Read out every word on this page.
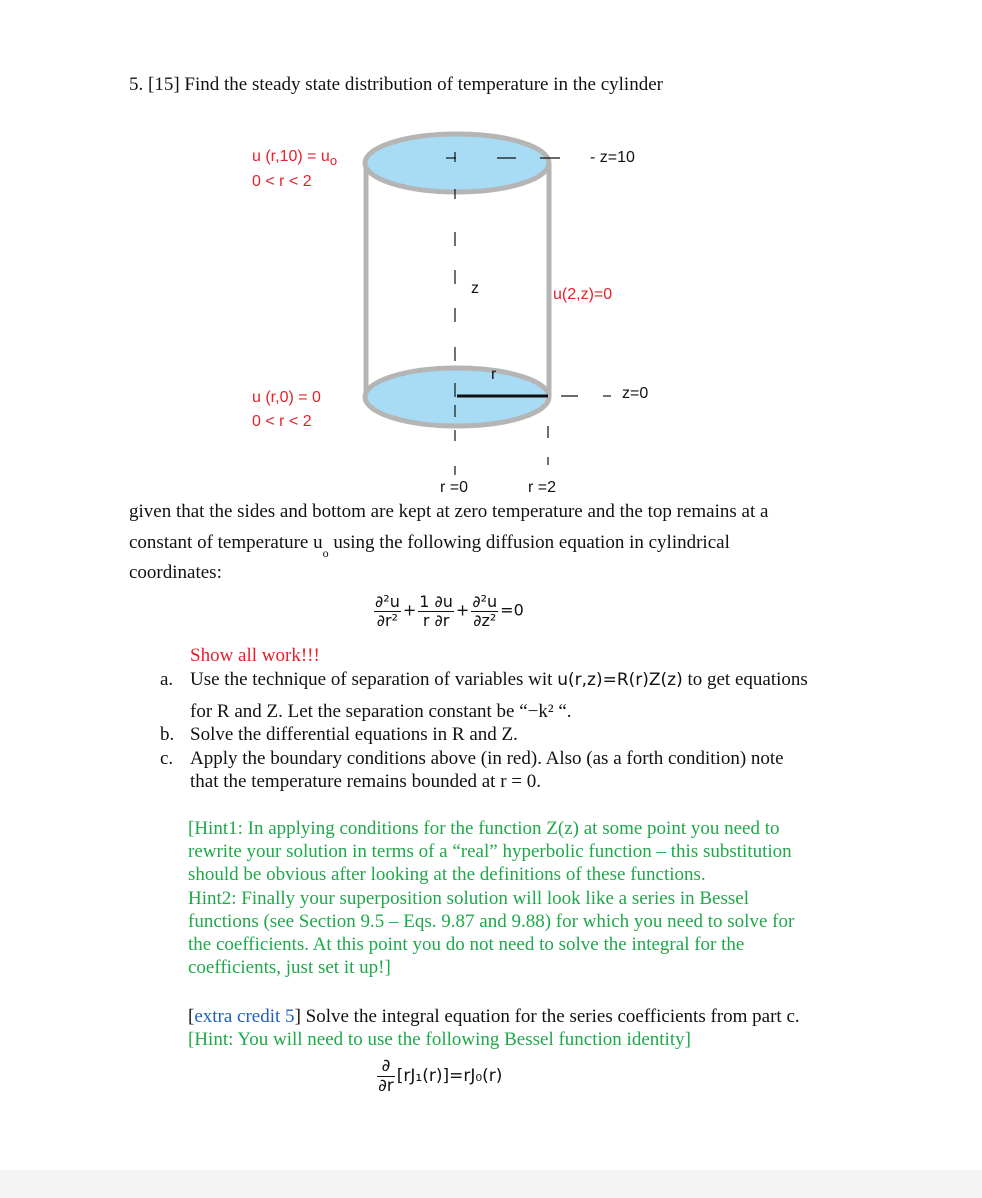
5. [15] Find the steady state distribution of temperature in the cylinder
u $(r,10) = u_o$
0 < r < 2
- z=10
z	u(2,z)=0
r
z=0
u (r,0) = 0
0 < r < 2
r =0	r =2
given that the sides and bottom are kept at zero temperature and the top remains at a
constant of temperature $u_o$ using the following diffusion equation in cylindrical
coordinates:
$\frac{\text{∂²u}}{\text{∂r²}} + \frac{1 \partial u}{r \partial r} + \frac{\text{∂²u}}{\text{∂z²}} =0$
Show all work!!!
a. Use the technique of separation of variables wit u(r,z)=R(r)Z(z) to get equations
for R and Z. Let the separation constant be “−k² “.
b. Solve the differential equations in R and Z.
c. Apply the boundary conditions above (in red). Also (as a forth condition) note
that the temperature remains bounded at r = 0.
[Hint1: In applying conditions for the function Z(z) at some point you need to
rewrite your solution in terms of a “real” hyperbolic function – this substitution
should be obvious after looking at the definitions of these functions.
Hint2: Finally your superposition solution will look like a series in Bessel
functions (see Section 9.5 – Eqs. 9.87 and 9.88) for which you need to solve for
the coefficients. At this point you do not need to solve the integral for the
coefficients, just set it up!]
[extra credit 5] Solve the integral equation for the series coefficients from part c.
[Hint: You will need to use the following Bessel function identity]
$\frac{\partial}{\partial r} [rJ_1(r)]=rJ_0(r)$
